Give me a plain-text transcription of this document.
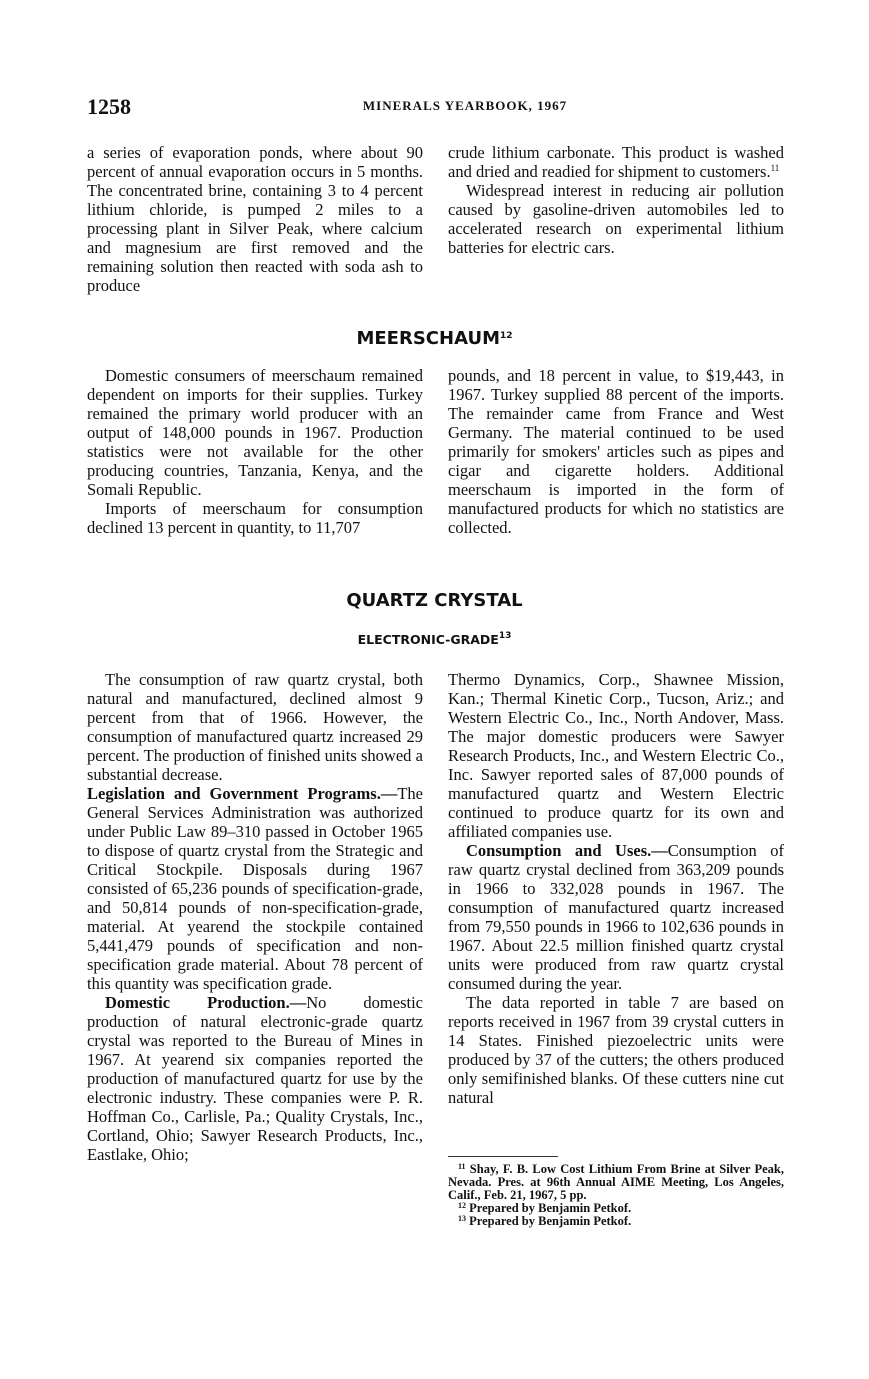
1258	MINERALS YEARBOOK, 1967

a series of evaporation ponds, where about 90 percent of annual evaporation occurs in 5 months. The concentrated brine, containing 3 to 4 percent lithium chloride, is pumped 2 miles to a processing plant in Silver Peak, where calcium and magnesium are first removed and the remaining solution then reacted with soda ash to produce

crude lithium carbonate. This product is washed and dried and readied for shipment to customers.$^{11}$

Widespread interest in reducing air pollution caused by gasoline-driven automobiles led to accelerated research on experimental lithium batteries for electric cars.

MEERSCHAUM$^{12}$

Domestic consumers of meerschaum remained dependent on imports for their supplies. Turkey remained the primary world producer with an output of 148,000 pounds in 1967. Production statistics were not available for the other producing countries, Tanzania, Kenya, and the Somali Republic.

Imports of meerschaum for consumption declined 13 percent in quantity, to 11,707

pounds, and 18 percent in value, to $19,443, in 1967. Turkey supplied 88 percent of the imports. The remainder came from France and West Germany. The material continued to be used primarily for smokers' articles such as pipes and cigar and cigarette holders. Additional meerschaum is imported in the form of manufactured products for which no statistics are collected.

QUARTZ CRYSTAL
ELECTRONIC-GRADE$^{13}$

The consumption of raw quartz crystal, both natural and manufactured, declined almost 9 percent from that of 1966. However, the consumption of manufactured quartz increased 29 percent. The production of finished units showed a substantial decrease.

Legislation and Government Programs.—The General Services Administration was authorized under Public Law 89–310 passed in October 1965 to dispose of quartz crystal from the Strategic and Critical Stockpile. Disposals during 1967 consisted of 65,236 pounds of specification-grade, and 50,814 pounds of non-specification-grade, material. At yearend the stockpile contained 5,441,479 pounds of specification and non-specification grade material. About 78 percent of this quantity was specification grade.

Domestic Production.—No domestic production of natural electronic-grade quartz crystal was reported to the Bureau of Mines in 1967. At yearend six companies reported the production of manufactured quartz for use by the electronic industry. These companies were P. R. Hoffman Co., Carlisle, Pa.; Quality Crystals, Inc., Cortland, Ohio; Sawyer Research Products, Inc., Eastlake, Ohio;

Thermo Dynamics, Corp., Shawnee Mission, Kan.; Thermal Kinetic Corp., Tucson, Ariz.; and Western Electric Co., Inc., North Andover, Mass. The major domestic producers were Sawyer Research Products, Inc., and Western Electric Co., Inc. Sawyer reported sales of 87,000 pounds of manufactured quartz and Western Electric continued to produce quartz for its own and affiliated companies use.

Consumption and Uses.—Consumption of raw quartz crystal declined from 363,209 pounds in 1966 to 332,028 pounds in 1967. The consumption of manufactured quartz increased from 79,550 pounds in 1966 to 102,636 pounds in 1967. About 22.5 million finished quartz crystal units were produced from raw quartz crystal consumed during the year.

The data reported in table 7 are based on reports received in 1967 from 39 crystal cutters in 14 States. Finished piezoelectric units were produced by 37 of the cutters; the others produced only semifinished blanks. Of these cutters nine cut natural

$^{11}$ Shay, F. B. Low Cost Lithium From Brine at Silver Peak, Nevada. Pres. at 96th Annual AIME Meeting, Los Angeles, Calif., Feb. 21, 1967, 5 pp.

$^{12}$ Prepared by Benjamin Petkof.

$^{13}$ Prepared by Benjamin Petkof.
